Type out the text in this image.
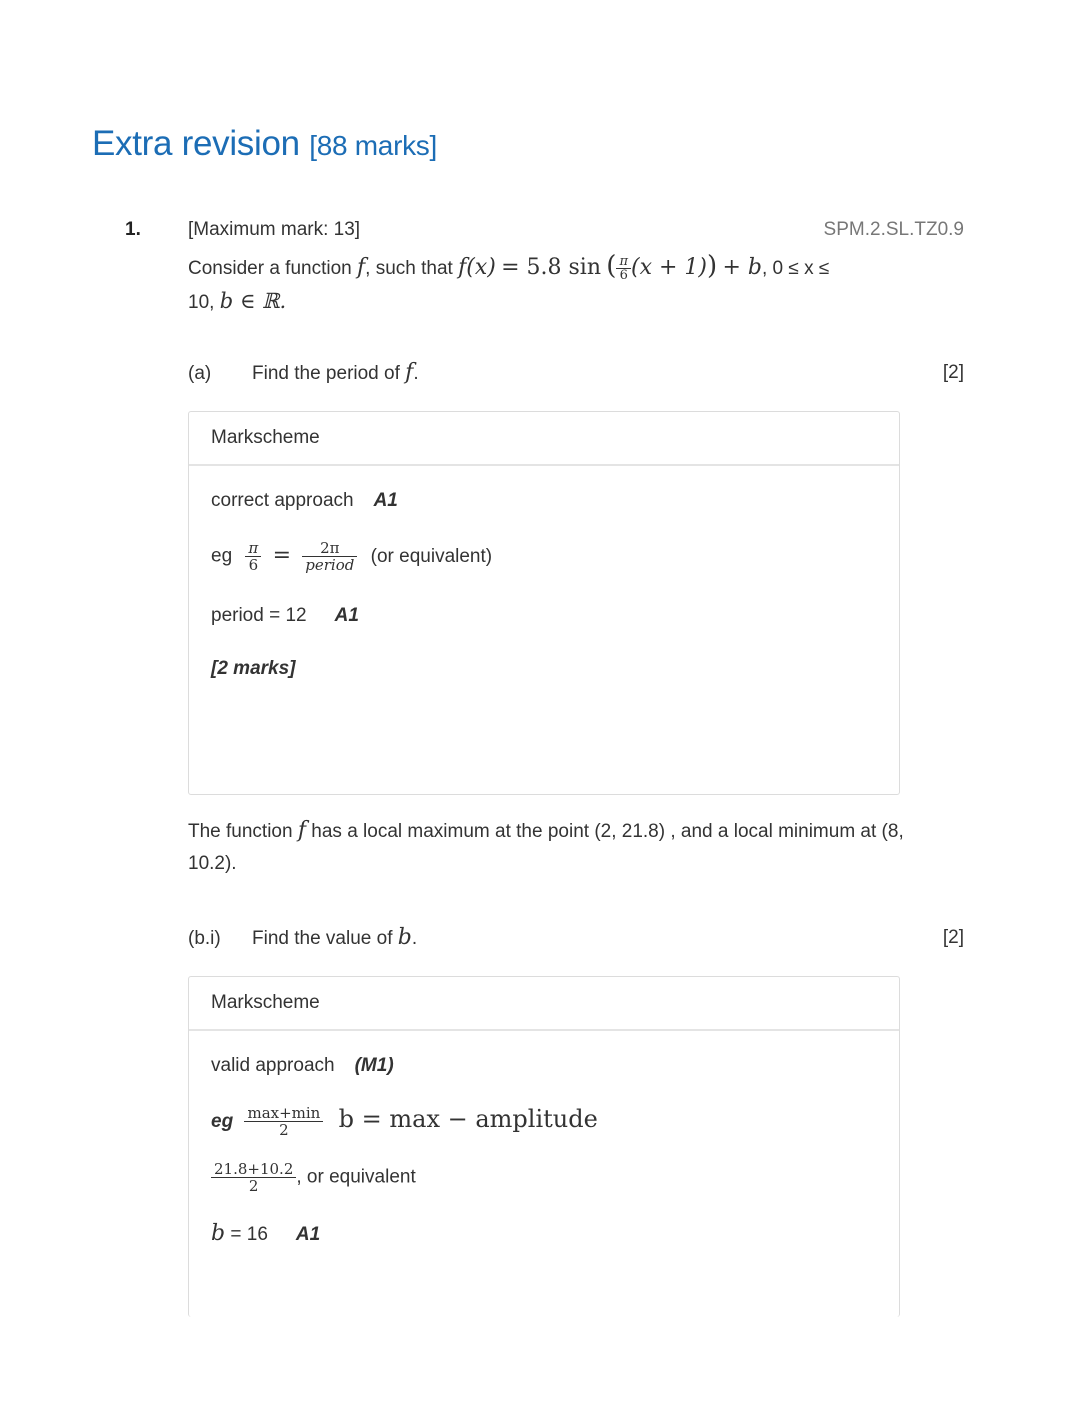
Extra revision [88 marks]
1. [Maximum mark: 13]	SPM.2.SL.TZ0.9
Consider a function f, such that f(x) = 5.8 sin ( $\frac{\pi}{6} (x + 1)) + b$, 0 ≤ x ≤
10, b ∈ ℝ.
(a) Find the period of f.	[2]
Markscheme
correct approach A1
eg $\frac{\pi}{6} = \frac{2\pi}{\text{period}} (or$ equivalent)
period = 12 A1
[2 marks]
The function f has a local maximum at the point (2, 21.8) , and a local minimum at (8, 10.2).
(b.i) Find the value of b.	[2]
Markscheme
valid approach (M1)
eg $\frac{\max+\min}{2}$ b = max − amplitude
$\frac{21.8+10.2}{2}$ , or equivalent
b = 16 A1
